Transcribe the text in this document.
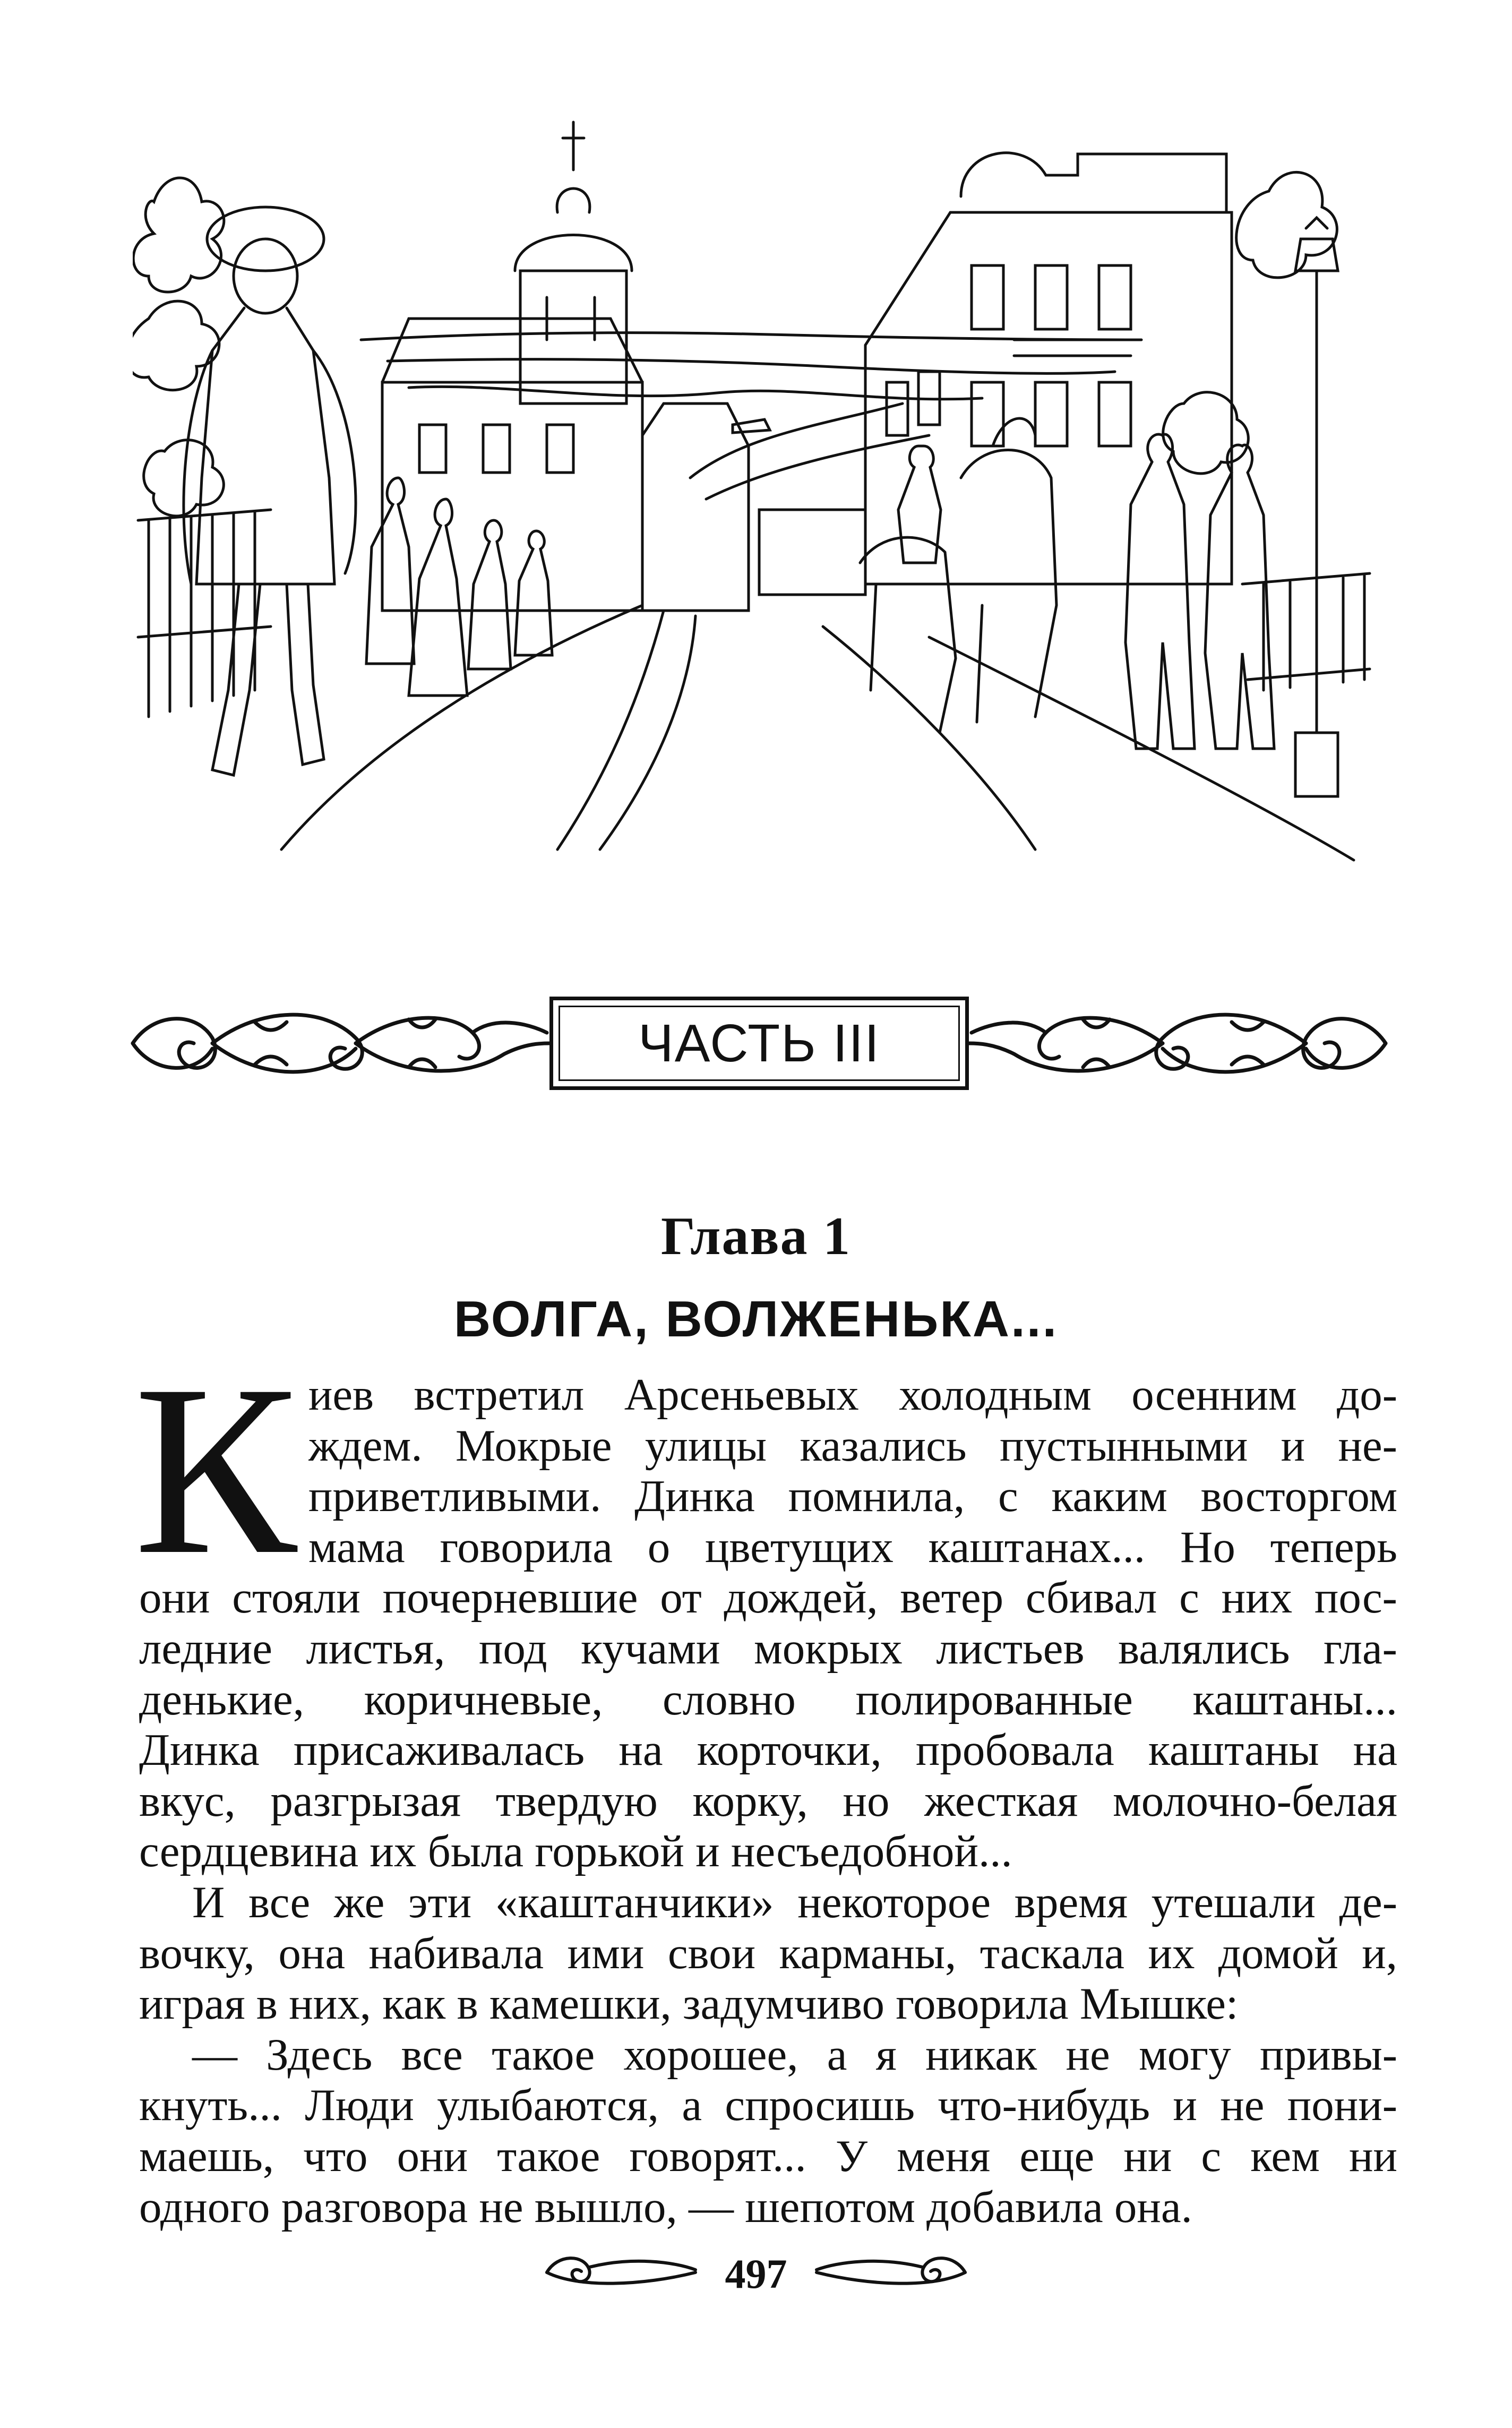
ЧАСТЬ III
Глава 1
ВОЛГА, ВОЛЖЕНЬКА...
К иев встретил Арсеньевых холодным осенним до-
ждем. Мокрые улицы казались пустынными и не-
приветливыми. Динка помнила, с каким восторгом
мама говорила о цветущих каштанах... Но теперь
они стояли почерневшие от дождей, ветер сбивал с них пос-
ледние листья, под кучами мокрых листьев валялись гла-
денькие, коричневые, словно полированные каштаны...
Динка присаживалась на корточки, пробовала каштаны на
вкус, разгрызая твердую корку, но жесткая молочно-белая
сердцевина их была горькой и несъедобной...
И все же эти «каштанчики» некоторое время утешали де-
вочку, она набивала ими свои карманы, таскала их домой и,
играя в них, как в камешки, задумчиво говорила Мышке:
— Здесь все такое хорошее, а я никак не могу привы-
кнуть... Люди улыбаются, а спросишь что-нибудь и не пони-
маешь, что они такое говорят... У меня еще ни с кем ни
одного разговора не вышло, — шепотом добавила она.
497
